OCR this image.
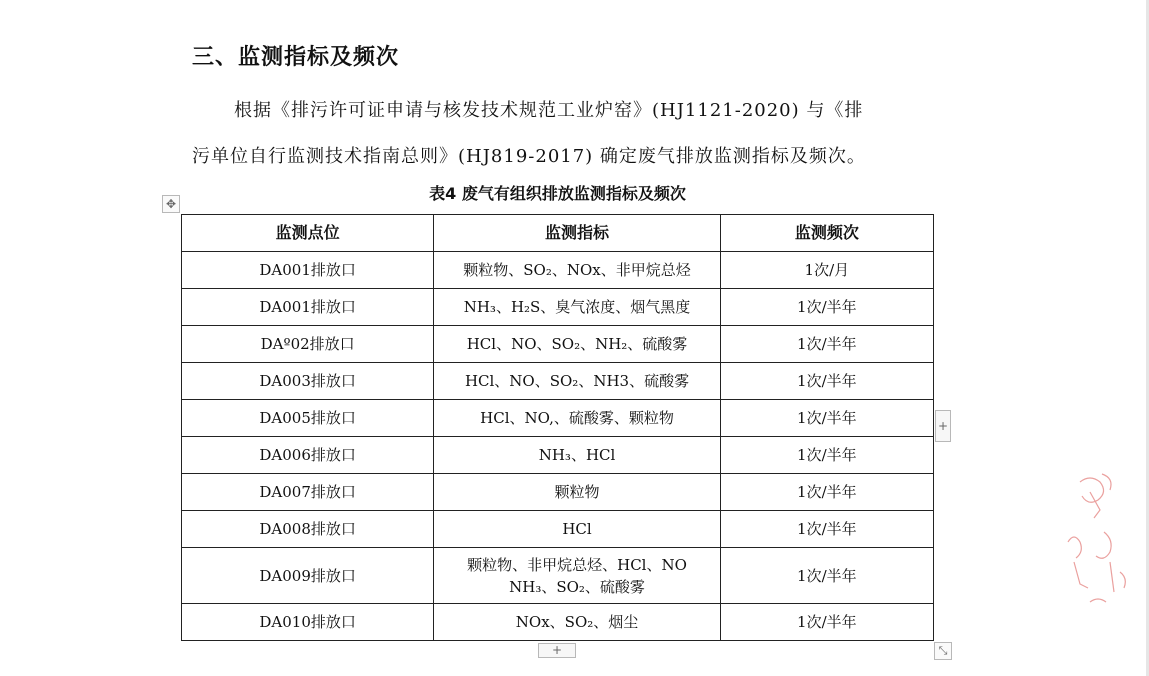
三、监测指标及频次
根据《排污许可证申请与核发技术规范工业炉窑》(HJ1121-2020) 与《排
污单位自行监测技术指南总则》(HJ819-2017) 确定废气排放监测指标及频次。
表4 废气有组织排放监测指标及频次
✥
监测点位	监测指标	监测频次
DA001排放口	颗粒物、SO₂、NOx、非甲烷总烃	1次/月
DA001排放口	NH₃、H₂S、臭气浓度、烟气黑度	1次/半年
DAº02排放口	HCl、NO、SO₂、NH₂、硫酸雾	1次/半年
DA003排放口	HCl、NO、SO₂、NH3、硫酸雾	1次/半年
DA005排放口	HCl、NO,、硫酸雾、颗粒物	1次/半年
DA006排放口	NH₃、HCl	1次/半年
DA007排放口	颗粒物	1次/半年
DA008排放口	HCl	1次/半年
DA009排放口	颗粒物、非甲烷总烃、HCl、NO
NH₃、SO₂、硫酸雾	1次/半年
DA010排放口	NOx、SO₂、烟尘	1次/半年
+
+	⤡
